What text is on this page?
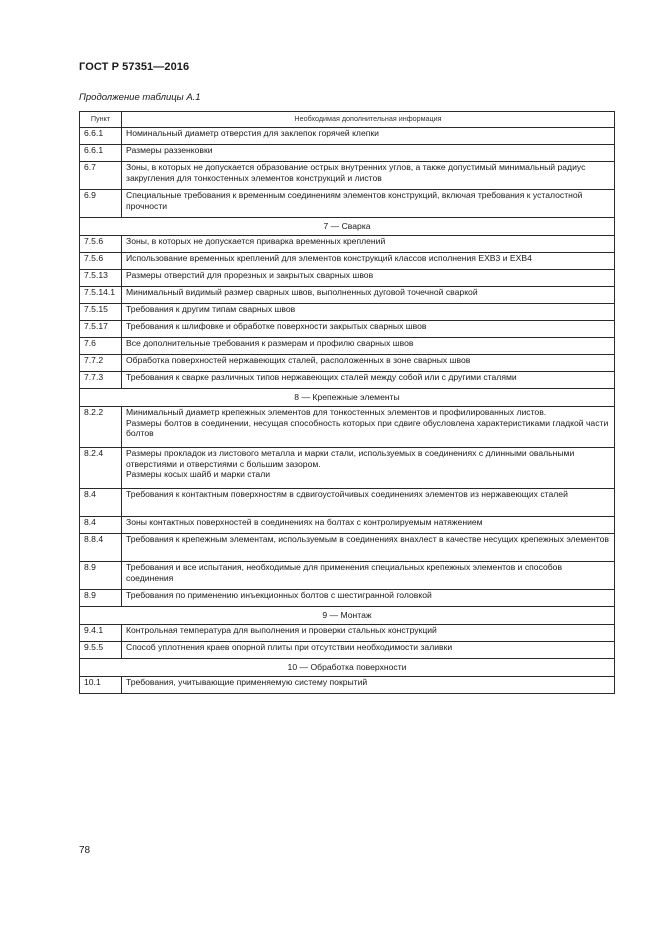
ГОСТ Р 57351—2016
Продолжение таблицы А.1
Пункт	Необходимая дополнительная информация
6.6.1	Номинальный диаметр отверстия для заклепок горячей клепки
6.6.1	Размеры раззенковки
6.7	Зоны, в которых не допускается образование острых внутренних углов, а также допустимый минимальный радиус закругления для тонкостенных элементов конструкций и листов
6.9	Специальные требования к временным соединениям элементов конструкций, включая требования к усталостной прочности
7 — Сварка	
7.5.6	Зоны, в которых не допускается приварка временных креплений
7.5.6	Использование временных креплений для элементов конструкций классов исполнения ЕХВ3 и ЕХВ4
7.5.13	Размеры отверстий для прорезных и закрытых сварных швов
7.5.14.1	Минимальный видимый размер сварных швов, выполненных дуговой точечной сваркой
7.5.15	Требования к другим типам сварных швов
7.5.17	Требования к шлифовке и обработке поверхности закрытых сварных швов
7.6	Все дополнительные требования к размерам и профилю сварных швов
7.7.2	Обработка поверхностей нержавеющих сталей, расположенных в зоне сварных швов
7.7.3	Требования к сварке различных типов нержавеющих сталей между собой или с другими сталями
8 — Крепежные элементы	
8.2.2	Минимальный диаметр крепежных элементов для тонкостенных элементов и профилированных листов.
Размеры болтов в соединении, несущая способность которых при сдвиге обусловлена характеристиками гладкой части болтов
8.2.4	Размеры прокладок из листового металла и марки стали, используемых в соединениях с длинными овальными отверстиями и отверстиями с большим зазором.
Размеры косых шайб и марки стали
8.4	Требования к контактным поверхностям в сдвигоустойчивых соединениях элементов из нержавеющих сталей
8.4	Зоны контактных поверхностей в соединениях на болтах с контролируемым натяжением
8.8.4	Требования к крепежным элементам, используемым в соединениях внахлест в качестве несущих крепежных элементов
8.9	Требования и все испытания, необходимые для применения специальных крепежных элементов и способов соединения
8.9	Требования по применению инъекционных болтов с шестигранной головкой
9 — Монтаж	
9.4.1	Контрольная температура для выполнения и проверки стальных конструкций
9.5.5	Способ уплотнения краев опорной плиты при отсутствии необходимости заливки
10 — Обработка поверхности	
10.1	Требования, учитывающие применяемую систему покрытий
78
